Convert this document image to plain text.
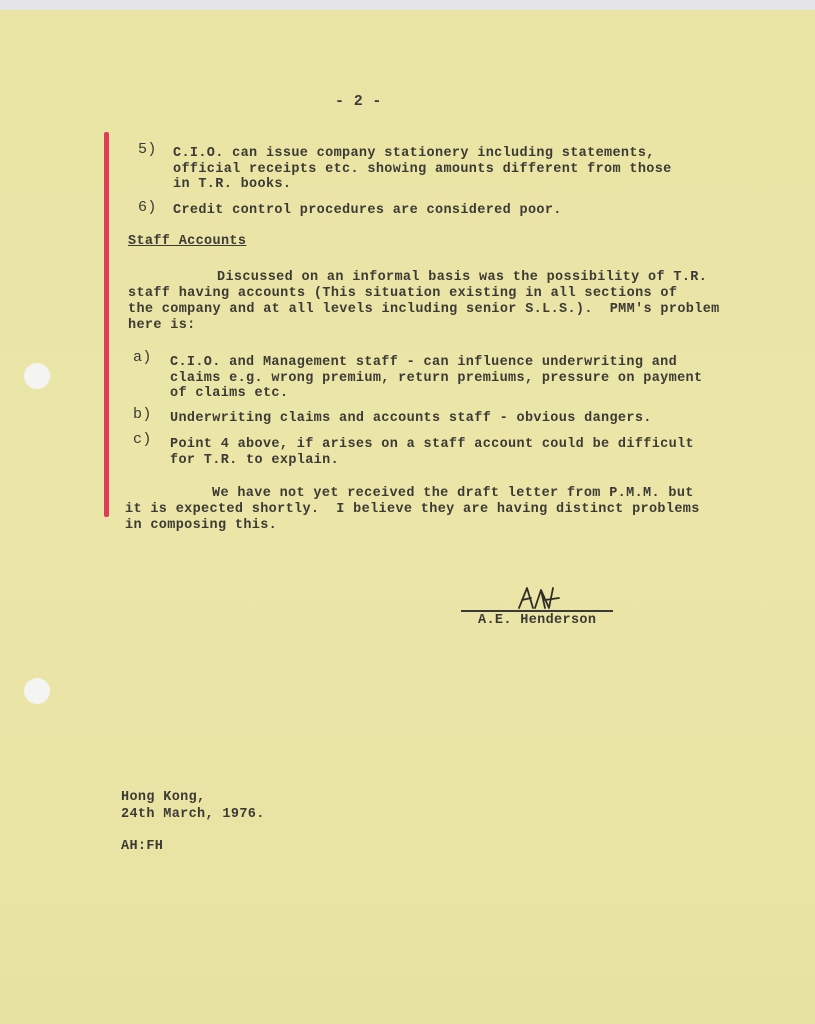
- 2 -
5) C.I.O. can issue company stationery including statements,
official receipts etc. showing amounts different from those
in T.R. books.
6) Credit control procedures are considered poor.
Staff Accounts
Discussed on an informal basis was the possibility of T.R.
staff having accounts (This situation existing in all sections of
the company and at all levels including senior S.L.S.).  PMM's problem
here is:
a) C.I.O. and Management staff - can influence underwriting and
claims e.g. wrong premium, return premiums, pressure on payment
of claims etc.
b) Underwriting claims and accounts staff - obvious dangers.
c) Point 4 above, if arises on a staff account could be difficult
for T.R. to explain.
We have not yet received the draft letter from P.M.M. but
it is expected shortly.  I believe they are having distinct problems
in composing this.
A.E. Henderson
Hong Kong,
24th March, 1976.
AH:FH
